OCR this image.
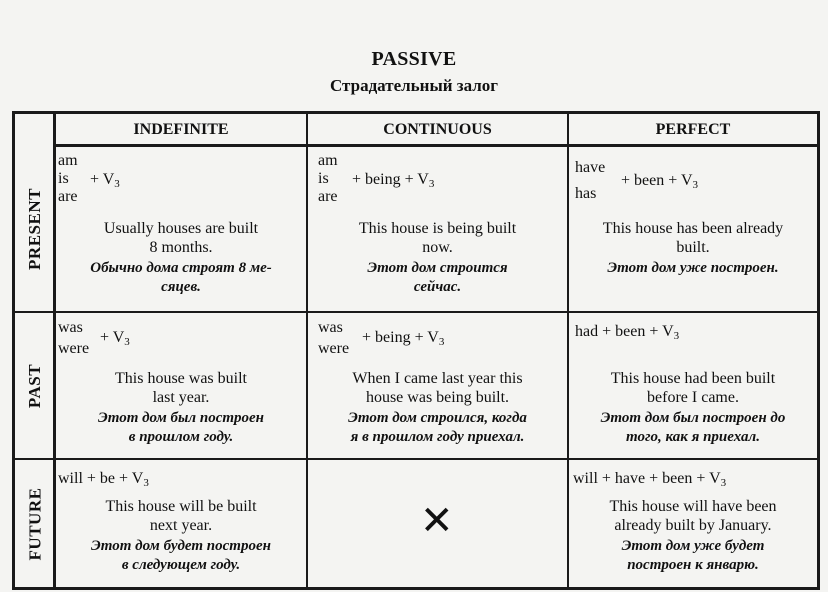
PASSIVE
Страдательный залог
INDEFINITE	CONTINUOUS	PERFECT
PRESENT
PAST
FUTURE
am
is
are
+ $V_3$
Usually houses are built
8 months.
Обычно дома строят 8 ме-
сяцев.
am
is
are
+ being + $V_3$
This house is being built
now.
Этот дом строится
сейчас.
have
has
+ been + $V_3$
This house has been already
built.
Этот дом уже построен.
was
were
+ $V_3$
This house was built
last year.
Этот дом был построен
в прошлом году.
was
were
+ being + $V_3$
When I came last year this
house was being built.
Этот дом строился, когда
я в прошлом году приехал.
had + been + $V_3$
This house had been built
before I came.
Этот дом был построен до
того, как я приехал.
will + be + $V_3$
This house will be built
next year.
Этот дом будет построен
в следующем году.
✕
will + have + been + $V_3$
This house will have been
already built by January.
Этот дом уже будет
построен к январю.
